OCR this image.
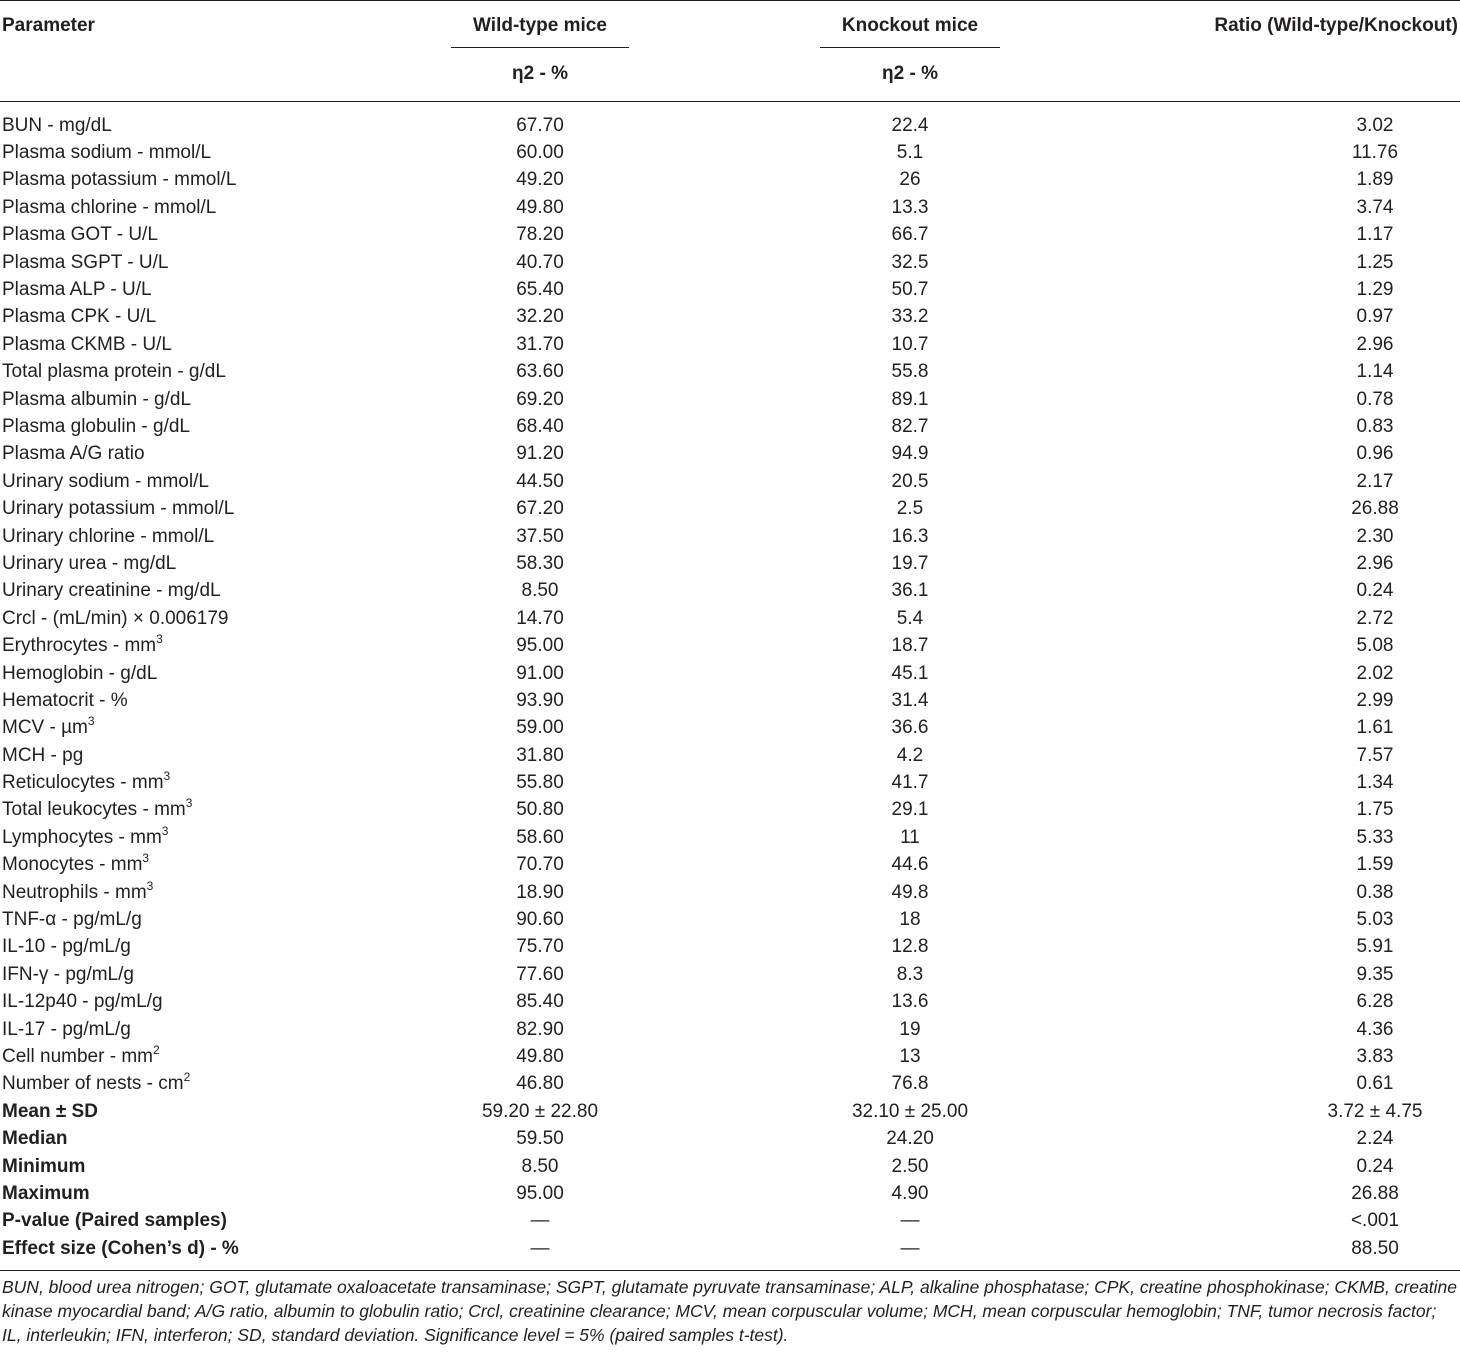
Parameter	Wild-type mice	Knockout mice	Ratio (Wild-type/Knockout)
	η2 - %	η2 - %	

BUN - mg/dL	67.70	22.4	3.02
Plasma sodium - mmol/L	60.00	5.1	11.76
Plasma potassium - mmol/L	49.20	26	1.89
Plasma chlorine - mmol/L	49.80	13.3	3.74
Plasma GOT - U/L	78.20	66.7	1.17
Plasma SGPT - U/L	40.70	32.5	1.25
Plasma ALP - U/L	65.40	50.7	1.29
Plasma CPK - U/L	32.20	33.2	0.97
Plasma CKMB - U/L	31.70	10.7	2.96
Total plasma protein - g/dL	63.60	55.8	1.14
Plasma albumin - g/dL	69.20	89.1	0.78
Plasma globulin - g/dL	68.40	82.7	0.83
Plasma A/G ratio	91.20	94.9	0.96
Urinary sodium - mmol/L	44.50	20.5	2.17
Urinary potassium - mmol/L	67.20	2.5	26.88
Urinary chlorine - mmol/L	37.50	16.3	2.30
Urinary urea - mg/dL	58.30	19.7	2.96
Urinary creatinine - mg/dL	8.50	36.1	0.24
Crcl - (mL/min) × 0.006179	14.70	5.4	2.72
Erythrocytes - $mm^3$	95.00	18.7	5.08
Hemoglobin - g/dL	91.00	45.1	2.02
Hematocrit - %	93.90	31.4	2.99
MCV - µm$^3$	59.00	36.6	1.61
MCH - pg	31.80	4.2	7.57
Reticulocytes - $mm^3$	55.80	41.7	1.34
Total leukocytes - $mm^3$	50.80	29.1	1.75
Lymphocytes - $mm^3$	58.60	11	5.33
Monocytes - $mm^3$	70.70	44.6	1.59
Neutrophils - $mm^3$	18.90	49.8	0.38
TNF-α - pg/mL/g	90.60	18	5.03
IL-10 - pg/mL/g	75.70	12.8	5.91
IFN-γ - pg/mL/g	77.60	8.3	9.35
IL-12p40 - pg/mL/g	85.40	13.6	6.28
IL-17 - pg/mL/g	82.90	19	4.36
Cell number - $mm^2$	49.80	13	3.83
Number of nests - $cm^2$	46.80	76.8	0.61
Mean ± SD	59.20 ± 22.80	32.10 ± 25.00	3.72 ± 4.75
Median	59.50	24.20	2.24
Minimum	8.50	2.50	0.24
Maximum	95.00	4.90	26.88
P-value (Paired samples)	—	—	<.001
Effect size (Cohen’s d) - %	—	—	88.50

BUN, blood urea nitrogen; GOT, glutamate oxaloacetate transaminase; SGPT, glutamate pyruvate transaminase; ALP, alkaline phosphatase; CPK, creatine phosphokinase; CKMB, creatine kinase myocardial band; A/G ratio, albumin to globulin ratio; Crcl, creatinine clearance; MCV, mean corpuscular volume; MCH, mean corpuscular hemoglobin; TNF, tumor necrosis factor; IL, interleukin; IFN, interferon; SD, standard deviation. Significance level = 5% (paired samples t-test).
